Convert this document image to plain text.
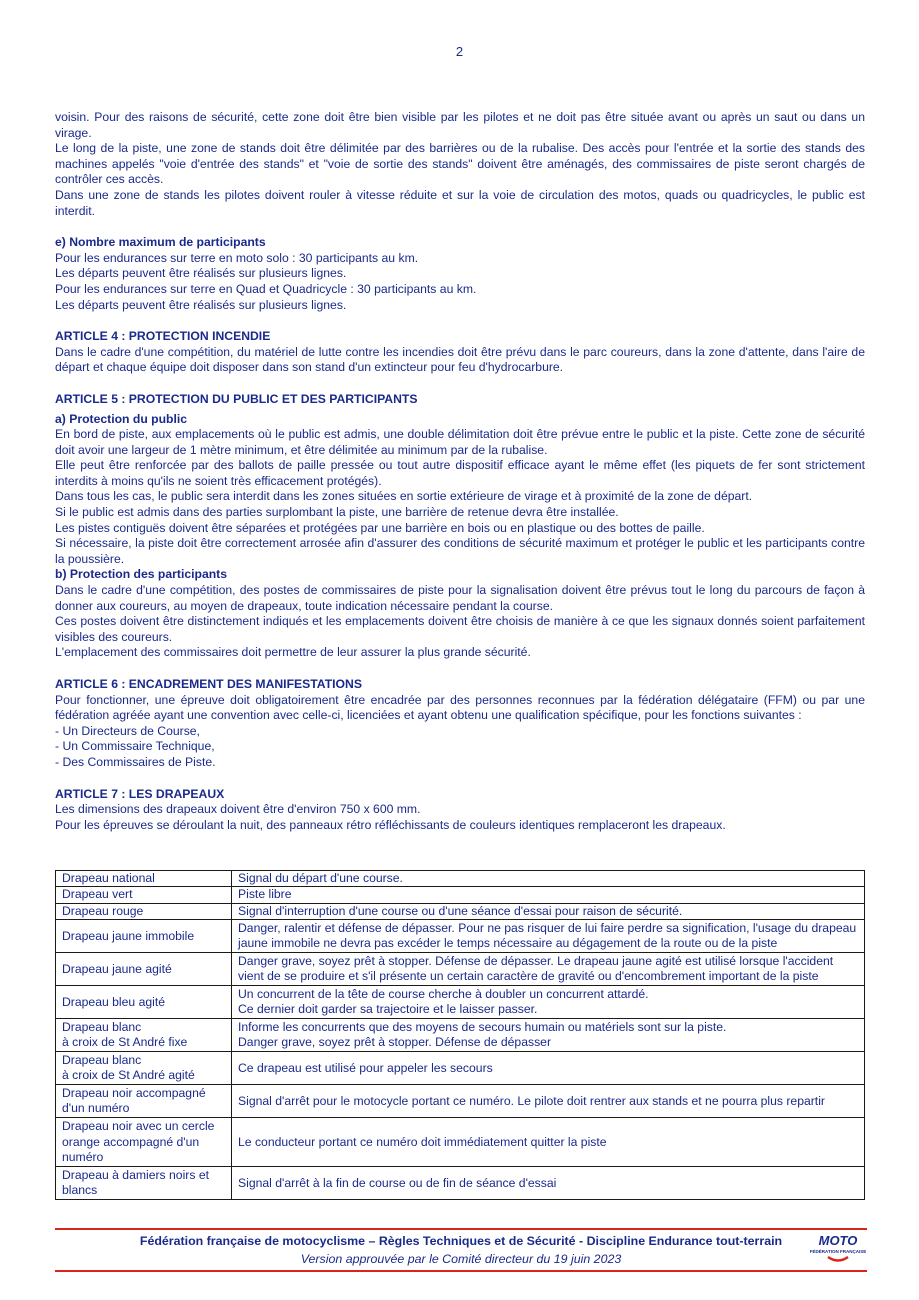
2

voisin. Pour des raisons de sécurité, cette zone doit être bien visible par les pilotes et ne doit pas être située avant ou après un saut ou dans un virage.

Le long de la piste, une zone de stands doit être délimitée par des barrières ou de la rubalise. Des accès pour l'entrée et la sortie des stands des machines appelés "voie d'entrée des stands" et "voie de sortie des stands" doivent être aménagés, des commissaires de piste seront chargés de contrôler ces accès.

Dans une zone de stands les pilotes doivent rouler à vitesse réduite et sur la voie de circulation des motos, quads ou quadricycles, le public est interdit.

e) Nombre maximum de participants

Pour les endurances sur terre en moto solo : 30 participants au km.

Les départs peuvent être réalisés sur plusieurs lignes.

Pour les endurances sur terre en Quad et Quadricycle : 30 participants au km.

Les départs peuvent être réalisés sur plusieurs lignes.

ARTICLE 4 : PROTECTION INCENDIE

Dans le cadre d'une compétition, du matériel de lutte contre les incendies doit être prévu dans le parc coureurs, dans la zone d'attente, dans l'aire de départ et chaque équipe doit disposer dans son stand d'un extincteur pour feu d'hydrocarbure.

ARTICLE 5 : PROTECTION DU PUBLIC ET DES PARTICIPANTS
a) Protection du public

En bord de piste, aux emplacements où le public est admis, une double délimitation doit être prévue entre le public et la piste. Cette zone de sécurité doit avoir une largeur de 1 mètre minimum, et être délimitée au minimum par de la rubalise.

Elle peut être renforcée par des ballots de paille pressée ou tout autre dispositif efficace ayant le même effet (les piquets de fer sont strictement interdits à moins qu'ils ne soient très efficacement protégés).

Dans tous les cas, le public sera interdit dans les zones situées en sortie extérieure de virage et à proximité de la zone de départ.

Si le public est admis dans des parties surplombant la piste, une barrière de retenue devra être installée.

Les pistes contiguës doivent être séparées et protégées par une barrière en bois ou en plastique ou des bottes de paille.

Si nécessaire, la piste doit être correctement arrosée afin d'assurer des conditions de sécurité maximum et protéger le public et les participants contre la poussière.

b) Protection des participants

Dans le cadre d'une compétition, des postes de commissaires de piste pour la signalisation doivent être prévus tout le long du parcours de façon à donner aux coureurs, au moyen de drapeaux, toute indication nécessaire pendant la course.

Ces postes doivent être distinctement indiqués et les emplacements doivent être choisis de manière à ce que les signaux donnés soient parfaitement visibles des coureurs.

L'emplacement des commissaires doit permettre de leur assurer la plus grande sécurité.

ARTICLE 6 : ENCADREMENT DES MANIFESTATIONS

Pour fonctionner, une épreuve doit obligatoirement être encadrée par des personnes reconnues par la fédération délégataire (FFM) ou par une fédération agréée ayant une convention avec celle-ci, licenciées et ayant obtenu une qualification spécifique, pour les fonctions suivantes :

- Un Directeurs de Course,

- Un Commissaire Technique,

- Des Commissaires de Piste.

ARTICLE 7 : LES DRAPEAUX

Les dimensions des drapeaux doivent être d'environ 750 x 600 mm.

Pour les épreuves se déroulant la nuit, des panneaux rétro réfléchissants de couleurs identiques remplaceront les drapeaux.

Drapeau national	Signal du départ d'une course.
Drapeau vert	Piste libre
Drapeau rouge	Signal d'interruption d'une course ou d'une séance d'essai pour raison de sécurité.
Drapeau jaune immobile	Danger, ralentir et défense de dépasser. Pour ne pas risquer de lui faire perdre sa signification, l'usage du drapeau jaune immobile ne devra pas excéder le temps nécessaire au dégagement de la route ou de la piste
Drapeau jaune agité	Danger grave, soyez prêt à stopper. Défense de dépasser. Le drapeau jaune agité est utilisé lorsque l'accident vient de se produire et s'il présente un certain caractère de gravité ou d'encombrement important de la piste
Drapeau bleu agité	Un concurrent de la tête de course cherche à doubler un concurrent attardé.
Ce dernier doit garder sa trajectoire et le laisser passer.
Drapeau blanc
à croix de St André fixe	Informe les concurrents que des moyens de secours humain ou matériels sont sur la piste.
Danger grave, soyez prêt à stopper. Défense de dépasser
Drapeau blanc
à croix de St André agité	Ce drapeau est utilisé pour appeler les secours
Drapeau noir accompagné d'un numéro	Signal d'arrêt pour le motocycle portant ce numéro. Le pilote doit rentrer aux stands et ne pourra plus repartir
Drapeau noir avec un cercle orange accompagné d'un numéro	Le conducteur portant ce numéro doit immédiatement quitter la piste
Drapeau à damiers noirs et blancs	Signal d'arrêt à la fin de course ou de fin de séance d'essai
Fédération française de motocyclisme – Règles Techniques et de Sécurité - Discipline Endurance tout-terrain
Version approuvée par le Comité directeur du 19 juin 2023
MOTO
FÉDÉRATION FRANÇAISE
